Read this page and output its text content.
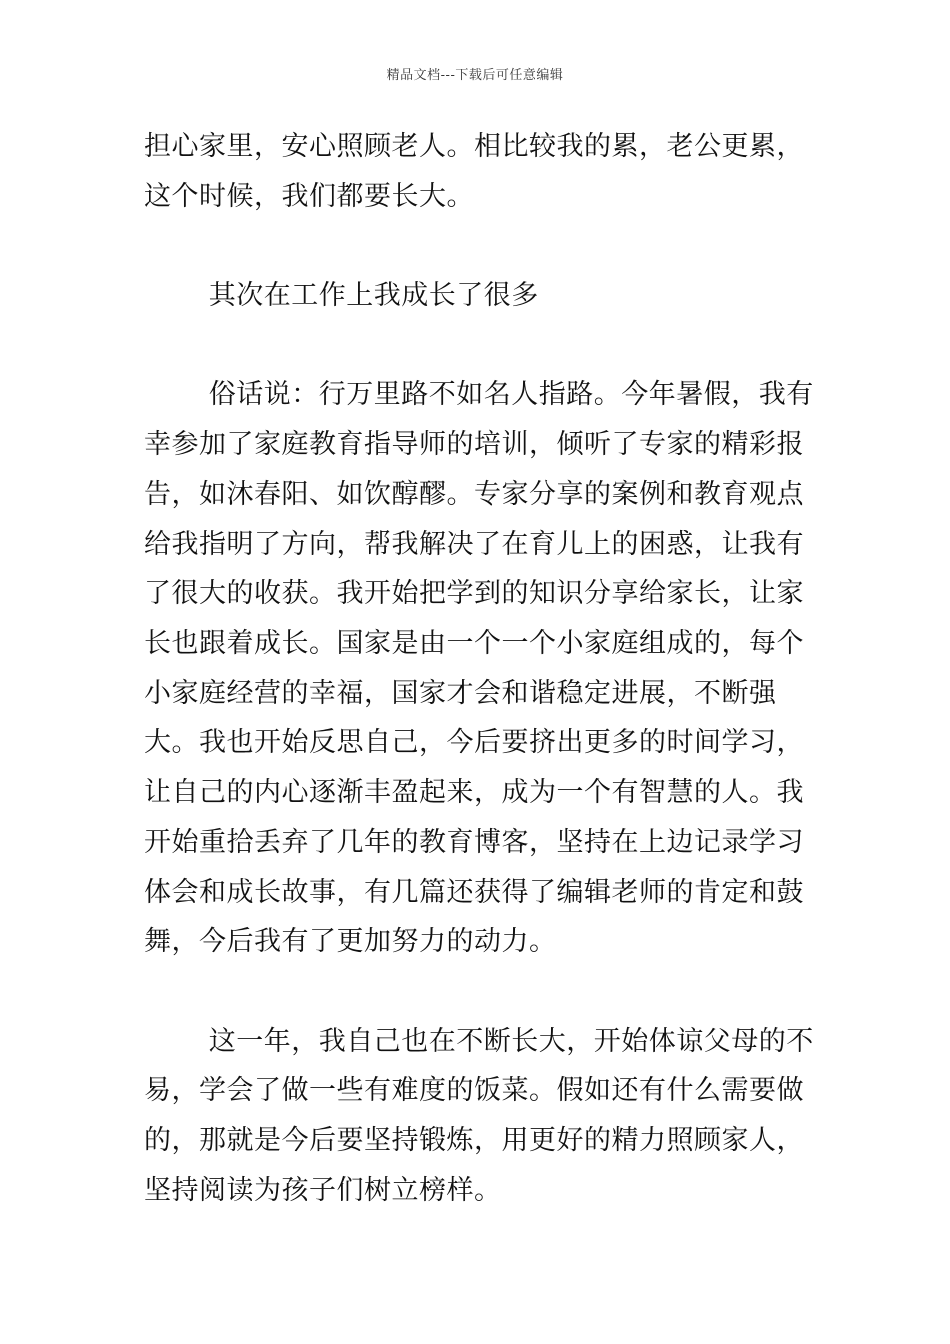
精品文档---下载后可任意编辑

担心家里，安心照顾老人。相比较我的累，老公更累，这个时候，我们都要长大。

其次在工作上我成长了很多

俗话说：行万里路不如名人指路。今年暑假，我有幸参加了家庭教育指导师的培训，倾听了专家的精彩报告，如沐春阳、如饮醇醪。专家分享的案例和教育观点给我指明了方向，帮我解决了在育儿上的困惑，让我有了很大的收获。我开始把学到的知识分享给家长，让家长也跟着成长。国家是由一个一个小家庭组成的，每个小家庭经营的幸福，国家才会和谐稳定进展，不断强大。我也开始反思自己，今后要挤出更多的时间学习，让自己的内心逐渐丰盈起来，成为一个有智慧的人。我开始重拾丢弃了几年的教育博客，坚持在上边记录学习体会和成长故事，有几篇还获得了编辑老师的肯定和鼓舞，今后我有了更加努力的动力。

这一年，我自己也在不断长大，开始体谅父母的不易，学会了做一些有难度的饭菜。假如还有什么需要做的，那就是今后要坚持锻炼，用更好的精力照顾家人，坚持阅读为孩子们树立榜样。
